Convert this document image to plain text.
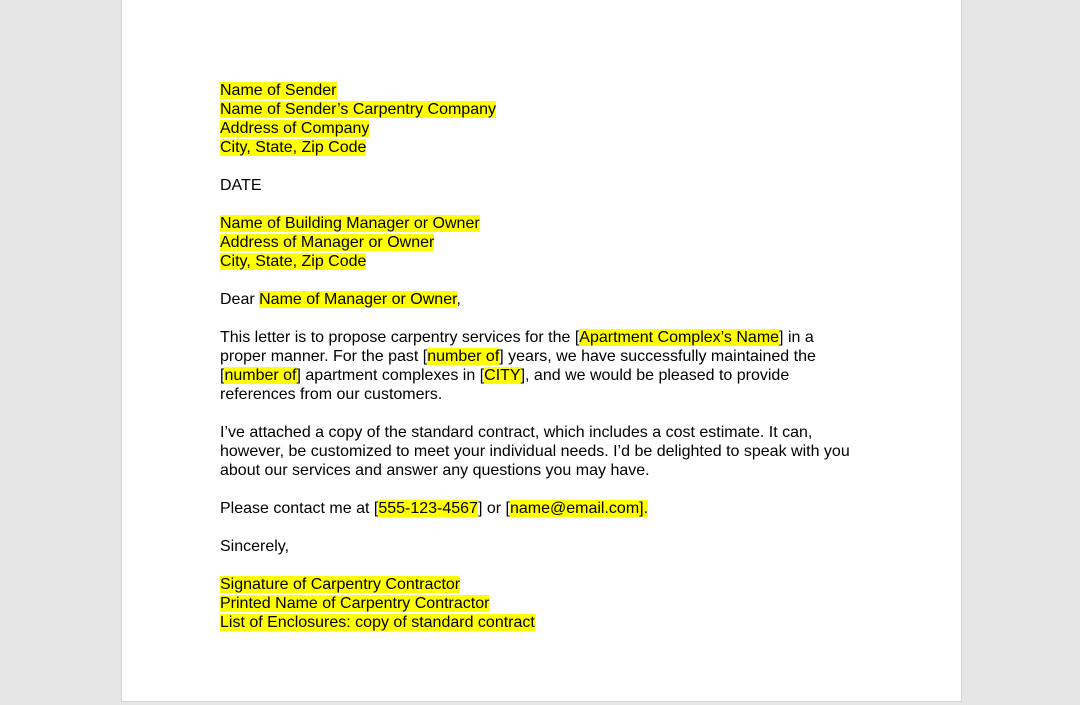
Name of Sender
Name of Sender’s Carpentry Company
Address of Company
City, State, Zip Code

DATE

Name of Building Manager or Owner
Address of Manager or Owner
City, State, Zip Code

Dear Name of Manager or Owner,

This letter is to propose carpentry services for the [Apartment Complex’s Name] in a proper manner. For the past [number of] years, we have successfully maintained the [number of] apartment complexes in [CITY], and we would be pleased to provide references from our customers.

I’ve attached a copy of the standard contract, which includes a cost estimate. It can, however, be customized to meet your individual needs. I’d be delighted to speak with you about our services and answer any questions you may have.

Please contact me at [555-123-4567] or [name@email.com].

Sincerely,

Signature of Carpentry Contractor
Printed Name of Carpentry Contractor
List of Enclosures: copy of standard contract
